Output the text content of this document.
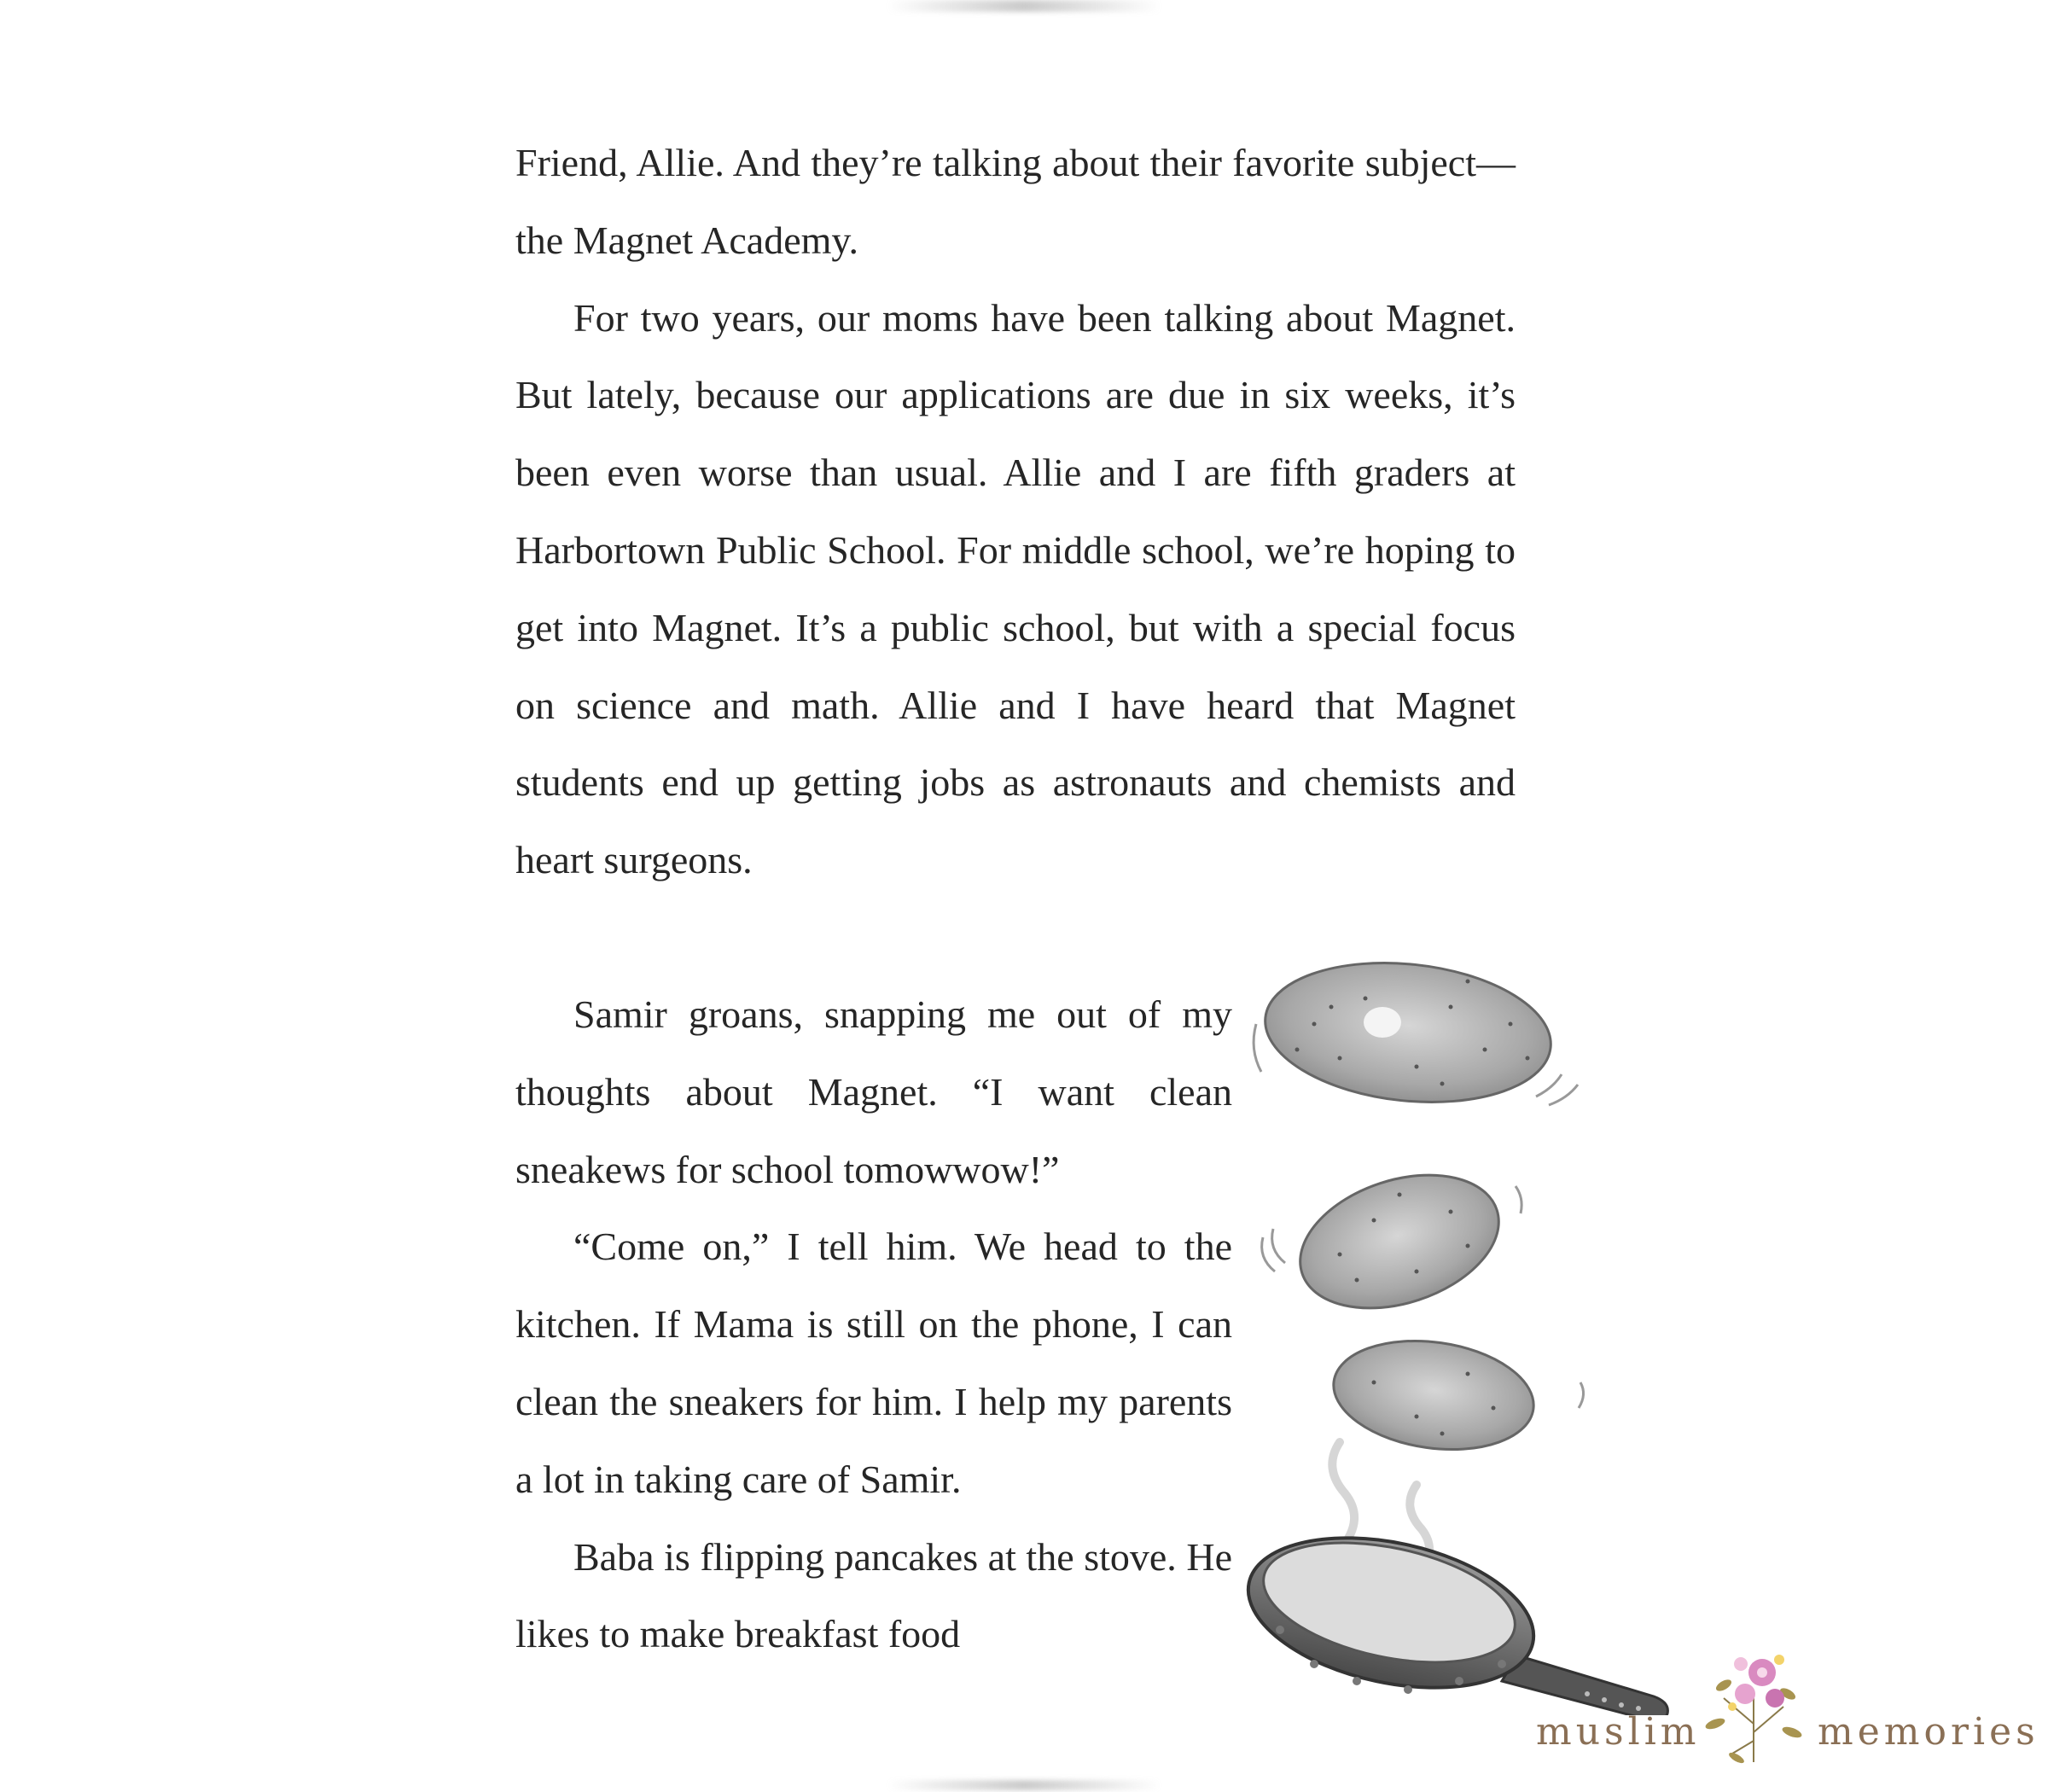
Friend, Allie. And they’re talking about their favorite subject—the Magnet Academy.

For two years, our moms have been talking about Magnet. But lately, because our applications are due in six weeks, it’s been even worse than usual. Allie and I are fifth graders at Harbortown Public School. For middle school, we’re hoping to get into Magnet. It’s a public school, but with a special focus on science and math. Allie and I have heard that Magnet students end up getting jobs as astronauts and chemists and heart surgeons.

Samir groans, snapping me out of my thoughts about Magnet. “I want clean sneakews for school tomowwow!”

“Come on,” I tell him. We head to the kitchen. If Mama is still on the phone, I can clean the sneakers for him. I help my parents a lot in taking care of Samir.

Baba is flipping pancakes at the stove. He likes to make breakfast food

muslim	memories
